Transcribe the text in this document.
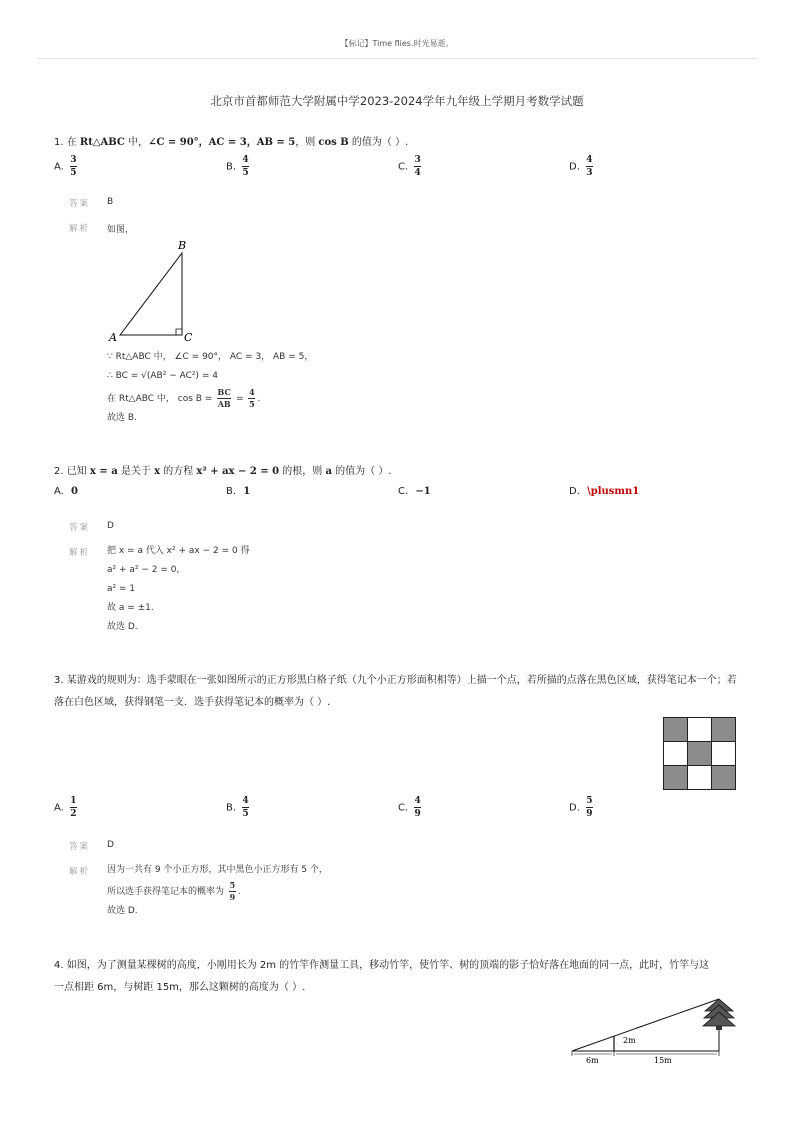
【标记】Time flies.时光易逝。
北京市首都师范大学附属中学2023-2024学年九年级上学期月考数学试题
1. 在 Rt△ABC 中，∠C = 90°，AC = 3，AB = 5，则 cos B 的值为（ ）.
A. $\frac{3}{5}$	B. $\frac{4}{5}$	C. $\frac{3}{4}$	D. $\frac{4}{3}$
答案 B
解析 如图，
B
A	C
∵ Rt△ABC 中， ∠C = 90°， AC = 3， AB = 5，
∴ BC = √(AB² − AC²) = 4
在 Rt△ABC 中， $\cos B = \frac{BC}{AB} = \frac{4}{5}$ .
故选 B.
2. 已知 x = a 是关于 x 的方程 x² + ax − 2 = 0 的根，则 a 的值为（ ）.
A. 0	B. 1	C. −1	D. \plusmn1
答案 D
解析 把 x = a 代入 x² + ax − 2 = 0 得
a² + a² − 2 = 0,
a² = 1
故 a = ±1.
故选 D.
3. 某游戏的规则为：选手蒙眼在一张如图所示的正方形黑白格子纸（九个小正方形面积相等）上描一个点，若所描的点落在黑色区域，获得笔记本一个；若落在白色区域，获得钢笔一支．选手获得笔记本的概率为（ ）.
A. $\frac{1}{2}$	B. $\frac{4}{5}$	C. $\frac{4}{9}$	D. $\frac{5}{9}$
答案 D
解析 因为一共有 9 个小正方形，其中黑色小正方形有 5 个，
所以选手获得笔记本的概率为 $\frac{5}{9}$ .
故选 D.
4. 如图，为了测量某棵树的高度，小刚用长为 2m 的竹竿作测量工具，移动竹竿，使竹竿、树的顶端的影子恰好落在地面的同一点，此时，竹竿与这
一点相距 6m，与树距 15m，那么这颗树的高度为（ ）.
2m
6m	15m
